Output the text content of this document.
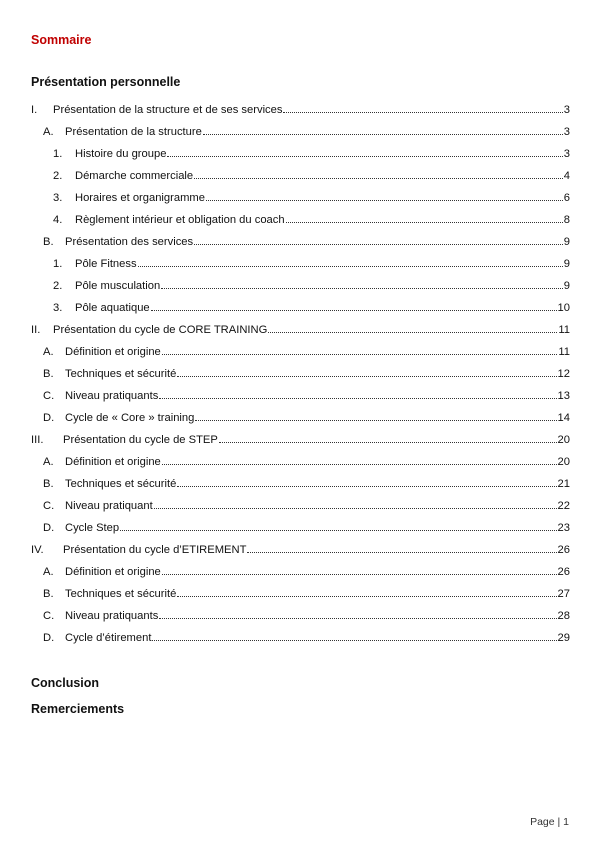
Sommaire
Présentation personnelle
I.	Présentation de la structure et de ses services	3
A.	Présentation de la structure	3
1.	Histoire du groupe	3
2.	Démarche commerciale	4
3.	Horaires et organigramme	6
4.	Règlement intérieur et obligation du coach	8
B.	Présentation des services	9
1.	Pôle Fitness	9
2.	Pôle musculation	9
3.	Pôle aquatique	10
II.	Présentation du cycle de CORE TRAINING	11
A.	Définition et origine	11
B.	Techniques et sécurité	12
C. Niveau pratiquants	13
D. Cycle de « Core » training	14
III.	Présentation du cycle de STEP	20
A.	Définition et origine	20
B.	Techniques et sécurité	21
C. Niveau pratiquant	22
D. Cycle Step	23
IV.	Présentation du cycle d’ETIREMENT	26
A.	Définition et origine	26
B.	Techniques et sécurité	27
C. Niveau pratiquants	28
D. Cycle d’étirement	29
Conclusion
Remerciements
Page | 1
